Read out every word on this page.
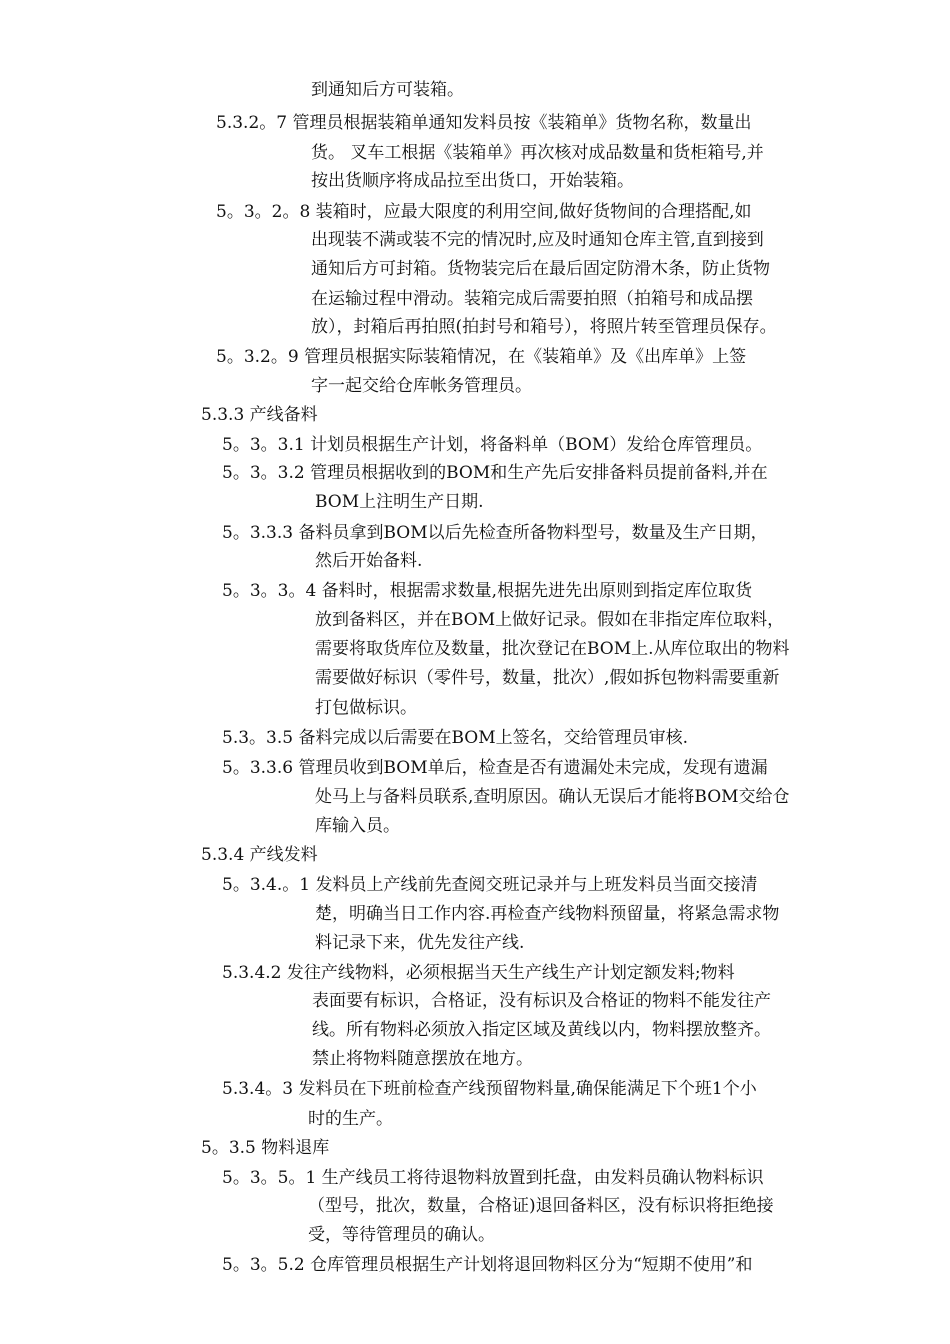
到通知后方可装箱。
5.3.2。7 管理员根据装箱单通知发料员按《装箱单》货物名称，数量出
货。 叉车工根据《装箱单》再次核对成品数量和货柜箱号,并
按出货顺序将成品拉至出货口，开始装箱。
5。3。2。8 装箱时，应最大限度的利用空间,做好货物间的合理搭配,如
出现装不满或装不完的情况时,应及时通知仓库主管,直到接到
通知后方可封箱。货物装完后在最后固定防滑木条，防止货物
在运输过程中滑动。装箱完成后需要拍照（拍箱号和成品摆
放），封箱后再拍照(拍封号和箱号），将照片转至管理员保存。
5。3.2。9 管理员根据实际装箱情况，在《装箱单》及《出库单》上签
字一起交给仓库帐务管理员。
5.3.3 产线备料
5。3。3.1 计划员根据生产计划，将备料单（BOM）发给仓库管理员。
5。3。3.2 管理员根据收到的BOM和生产先后安排备料员提前备料,并在
BOM上注明生产日期.
5。3.3.3 备料员拿到BOM以后先检查所备物料型号，数量及生产日期，
然后开始备料.
5。3。3。4 备料时，根据需求数量,根据先进先出原则到指定库位取货
放到备料区，并在BOM上做好记录。假如在非指定库位取料，
需要将取货库位及数量，批次登记在BOM上.从库位取出的物料
需要做好标识（零件号，数量，批次）,假如拆包物料需要重新
打包做标识。
5.3。3.5 备料完成以后需要在BOM上签名，交给管理员审核.
5。3.3.6 管理员收到BOM单后，检查是否有遗漏处未完成，发现有遗漏
处马上与备料员联系,查明原因。确认无误后才能将BOM交给仓
库输入员。
5.3.4 产线发料
5。3.4.。1 发料员上产线前先查阅交班记录并与上班发料员当面交接清
楚，明确当日工作内容.再检查产线物料预留量，将紧急需求物
料记录下来，优先发往产线.
5.3.4.2 发往产线物料，必须根据当天生产线生产计划定额发料;物料
表面要有标识，合格证，没有标识及合格证的物料不能发往产
线。所有物料必须放入指定区域及黄线以内，物料摆放整齐。
禁止将物料随意摆放在地方。
5.3.4。3 发料员在下班前检查产线预留物料量,确保能满足下个班1个小
时的生产。
5。3.5 物料退库
5。3。5。1 生产线员工将待退物料放置到托盘，由发料员确认物料标识
（型号，批次，数量，合格证)退回备料区，没有标识将拒绝接
受，等待管理员的确认。
5。3。5.2 仓库管理员根据生产计划将退回物料区分为“短期不使用”和
